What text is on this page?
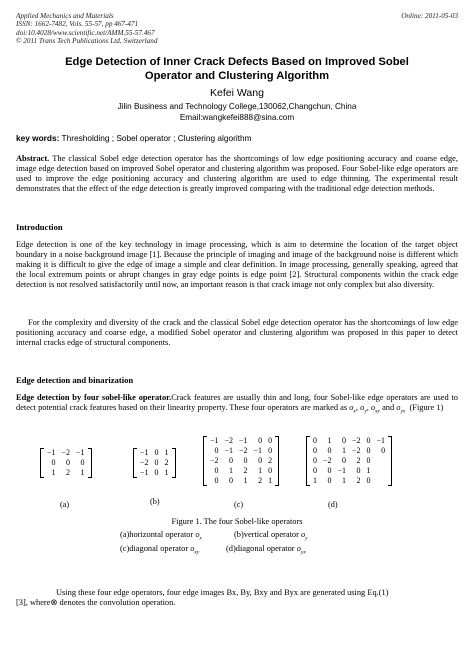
Applied Mechanics and Materials
ISSN: 1662-7482, Vols. 55-57, pp 467-471
doi:10.4028/www.scientific.net/AMM.55-57.467
© 2011 Trans Tech Publications Ltd, Switzerland
Online: 2011-05-03
Edge Detection of Inner Crack Defects Based on Improved Sobel
Operator and Clustering Algorithm
Kefei Wang
Jilin Business and Technology College,130062,Changchun, China
Email:wangkefei888@sina.com
key words: Thresholding ; Sobel operator ; Clustering algorithm
Abstract. The classical Sobel edge detection operator has the shortcomings of low edge positioning accuracy and coarse edge, image edge detection based on improved Sobel operator and clustering algorithm was proposed. Four Sobel-like edge operators are used to improve the edge positioning accuracy and clustering algorithm are used to edge thinning. The experimental result demonstrates that the effect of the edge detection is greatly improved comparing with the traditional edge detection methods.
Introduction
Edge detection is one of the key technology in image processing, which is aim to determine the location of the target object boundary in a noise background image [1]. Because the principle of imaging and image of the background noise is different which making it is difficult to give the edge of image a simple and clear definition. In image processing, generally speaking, agreed that the local extremum points or abrupt changes in gray edge points is edge point [2]. Structural components within the crack edge detection is not resolved satisfactorily until now, an important reason is that crack image not only complex but also diversity.
For the complexity and diversity of the crack and the classical Sobel edge detection operator has the shortcomings of low edge positioning accuracy and coarse edge, a modified Sobel operator and clustering algorithm was proposed in this paper to detect internal cracks edge of structural components.
Edge detection and binarization
Edge detection by four sobel-like operator.Crack features are usually thin and long, four Sobel-like edge operators are used to detect potential crack features based on their linearity property. These four operators are marked as $o_x$, $o_y$, $o_{xy}$ and $o_{yx}$ (Figure 1)
−1	−2	−1
0	0	0
1	2	1
−1	0	1
−2	0	2
−1	0	1
−1	−2	−1	0	0
0	−1	−2	−1	0
−2	0	0	0	2
0	1	2	1	0
0	0	1	2	1
0	1	0	−2	0	−1
0	0	1	−2	0	0
0	−2	0	2	0	
0	0	−1	0	1	
1	0	1	2	0	
(a)	(b)	(c)	(d)
Figure 1. The four Sobel-like operators
(a)horizontal operator $o_x$	(b)vertical operator $o_y$
(c)diagonal operator $o_{xy}$	(d)diagonal operator $o_{yx}$
Using these four edge operators, four edge images Bx, By, Bxy and Byx are generated using Eq.(1)
[3], where⊗ denotes the convolution operation.
